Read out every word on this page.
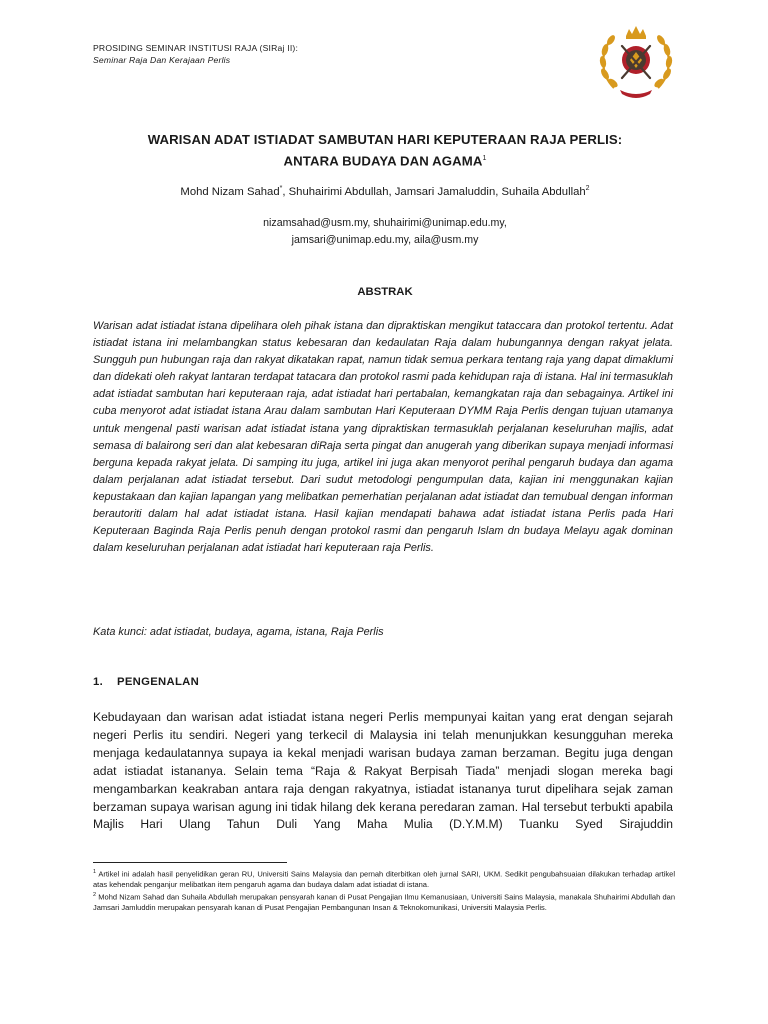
PROSIDING SEMINAR INSTITUSI RAJA (SIRaj II):
Seminar Raja Dan Kerajaan Perlis
WARISAN ADAT ISTIADAT SAMBUTAN HARI KEPUTERAAN RAJA PERLIS:
ANTARA BUDAYA DAN AGAMA$^1$
Mohd Nizam Sahad*, Shuhairimi Abdullah, Jamsari Jamaluddin, Suhaila Abdullah$^2$
nizamsahad@usm.my, shuhairimi@unimap.edu.my,
jamsari@unimap.edu.my, aila@usm.my
ABSTRAK
Warisan adat istiadat istana dipelihara oleh pihak istana dan dipraktiskan mengikut tataccara dan protokol tertentu. Adat istiadat istana ini melambangkan status kebesaran dan kedaulatan Raja dalam hubungannya dengan rakyat jelata. Sungguh pun hubungan raja dan rakyat dikatakan rapat, namun tidak semua perkara tentang raja yang dapat dimaklumi dan didekati oleh rakyat lantaran terdapat tatacara dan protokol rasmi pada kehidupan raja di istana. Hal ini termasuklah adat istiadat sambutan hari keputeraan raja, adat istiadat hari pertabalan, kemangkatan raja dan sebagainya. Artikel ini cuba menyorot adat istiadat istana Arau dalam sambutan Hari Keputeraan DYMM Raja Perlis dengan tujuan utamanya untuk mengenal pasti warisan adat istiadat istana yang dipraktiskan termasuklah perjalanan keseluruhan majlis, adat semasa di balairong seri dan alat kebesaran diRaja serta pingat dan anugerah yang diberikan supaya menjadi informasi berguna kepada rakyat jelata. Di samping itu juga, artikel ini juga akan menyorot perihal pengaruh budaya dan agama dalam perjalanan adat istiadat tersebut. Dari sudut metodologi pengumpulan data, kajian ini menggunakan kajian kepustakaan dan kajian lapangan yang melibatkan pemerhatian perjalanan adat istiadat dan temubual dengan informan berautoriti dalam hal adat istiadat istana. Hasil kajian mendapati bahawa adat istiadat istana Perlis pada Hari Keputeraan Baginda Raja Perlis penuh dengan protokol rasmi dan pengaruh Islam dn budaya Melayu agak dominan dalam keseluruhan perjalanan adat istiadat hari keputeraan raja Perlis.
Kata kunci: adat istiadat, budaya, agama, istana, Raja Perlis
1. PENGENALAN
Kebudayaan dan warisan adat istiadat istana negeri Perlis mempunyai kaitan yang erat dengan sejarah negeri Perlis itu sendiri. Negeri yang terkecil di Malaysia ini telah menunjukkan kesungguhan mereka menjaga kedaulatannya supaya ia kekal menjadi warisan budaya zaman berzaman. Begitu juga dengan adat istiadat istananya. Selain tema “Raja & Rakyat Berpisah Tiada” menjadi slogan mereka bagi mengambarkan keakraban antara raja dengan rakyatnya, istiadat istananya turut dipelihara sejak zaman berzaman supaya warisan agung ini tidak hilang dek kerana peredaran zaman. Hal tersebut terbukti apabila Majlis Hari Ulang Tahun Duli Yang Maha Mulia (D.Y.M.M) Tuanku Syed Sirajuddin

$^1$ Artikel ini adalah hasil penyelidikan geran RU, Universiti Sains Malaysia dan pernah diterbitkan oleh jurnal SARI, UKM. Sedikit pengubahsuaian dilakukan terhadap artikel atas kehendak penganjur melibatkan item pengaruh agama dan budaya dalam adat istiadat di istana.

$^2$ Mohd Nizam Sahad dan Suhaila Abdullah merupakan pensyarah kanan di Pusat Pengajian Ilmu Kemanusiaan, Universiti Sains Malaysia, manakala Shuhairimi Abdullah dan Jamsari Jamluddin merupakan pensyarah kanan di Pusat Pengajian Pembangunan Insan & Teknokomunikasi, Universiti Malaysia Perlis.
